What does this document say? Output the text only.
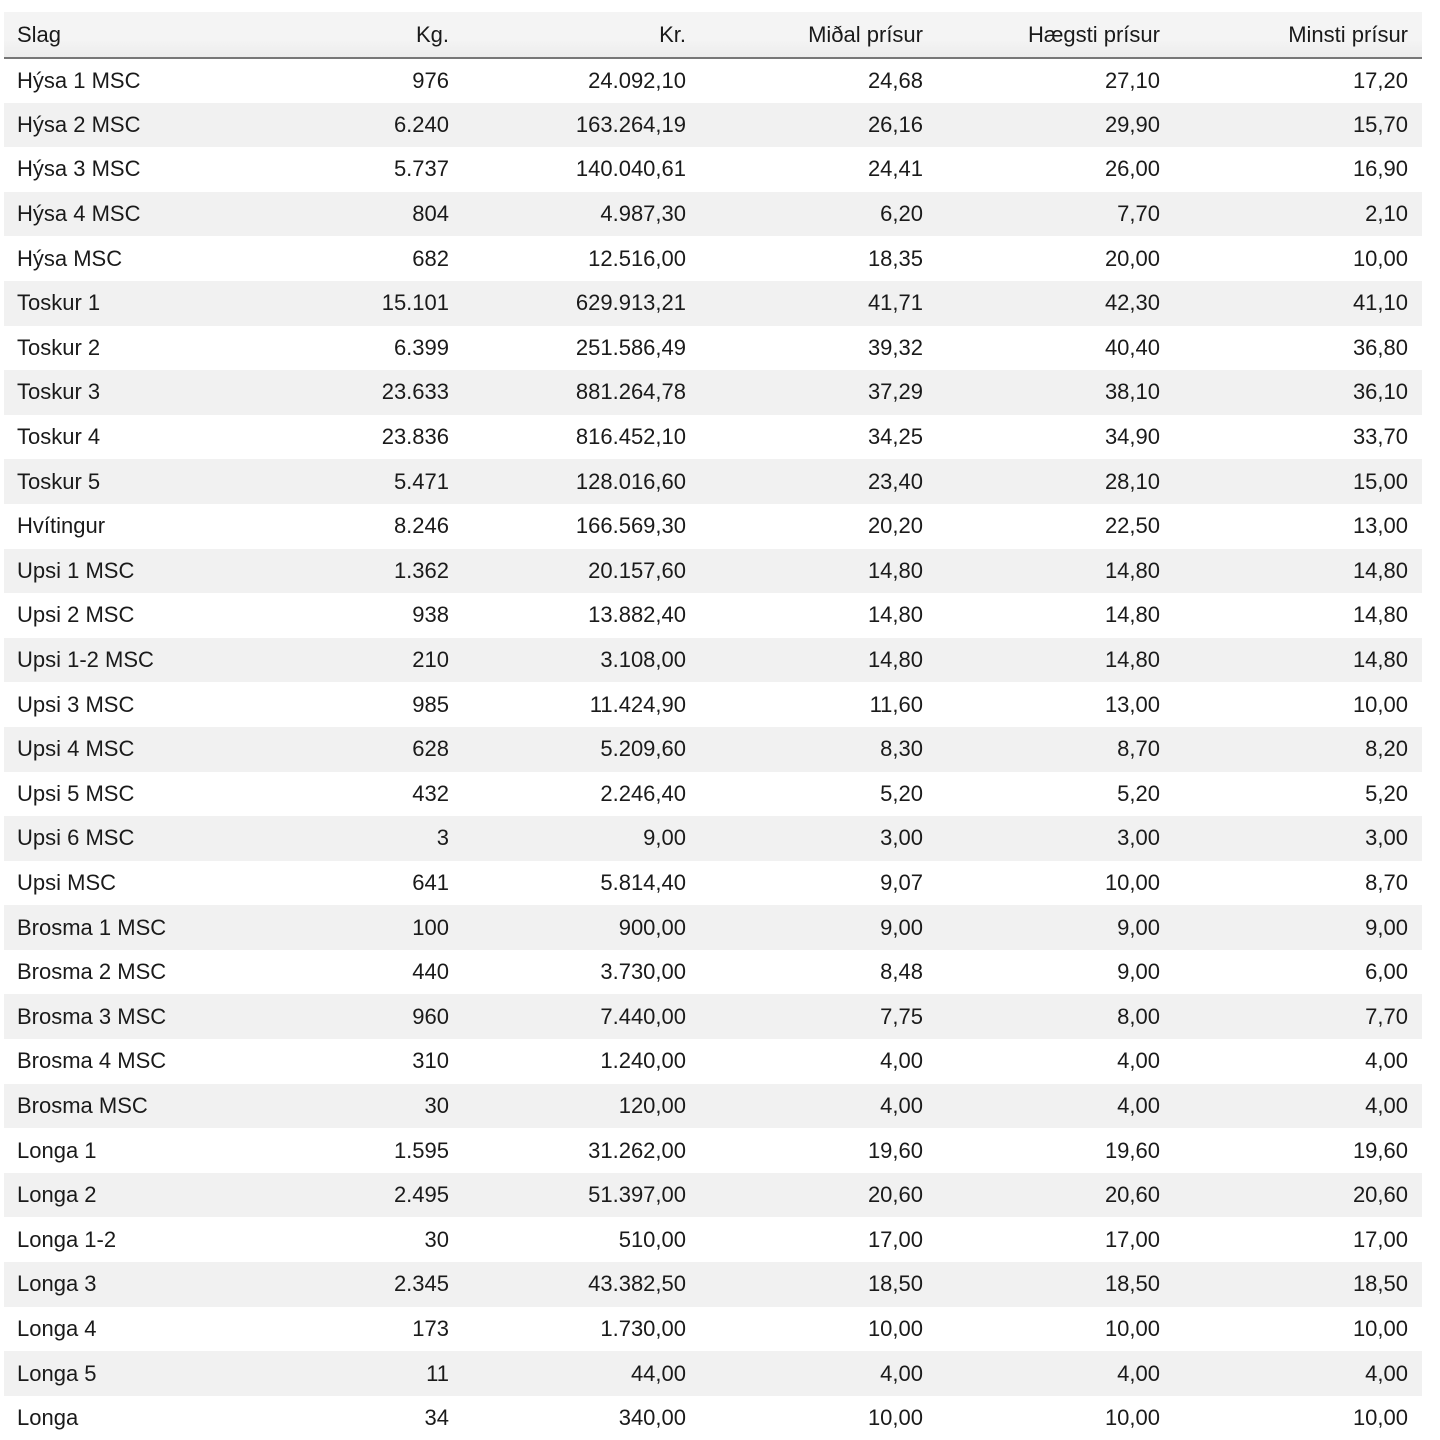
Slag	Kg.	Kr.	Miðal prísur	Hægsti prísur	Minsti prísur
Hýsa 1 MSC	976	24.092,10	24,68	27,10	17,20
Hýsa 2 MSC	6.240	163.264,19	26,16	29,90	15,70
Hýsa 3 MSC	5.737	140.040,61	24,41	26,00	16,90
Hýsa 4 MSC	804	4.987,30	6,20	7,70	2,10
Hýsa MSC	682	12.516,00	18,35	20,00	10,00
Toskur 1	15.101	629.913,21	41,71	42,30	41,10
Toskur 2	6.399	251.586,49	39,32	40,40	36,80
Toskur 3	23.633	881.264,78	37,29	38,10	36,10
Toskur 4	23.836	816.452,10	34,25	34,90	33,70
Toskur 5	5.471	128.016,60	23,40	28,10	15,00
Hvítingur	8.246	166.569,30	20,20	22,50	13,00
Upsi 1 MSC	1.362	20.157,60	14,80	14,80	14,80
Upsi 2 MSC	938	13.882,40	14,80	14,80	14,80
Upsi 1-2 MSC	210	3.108,00	14,80	14,80	14,80
Upsi 3 MSC	985	11.424,90	11,60	13,00	10,00
Upsi 4 MSC	628	5.209,60	8,30	8,70	8,20
Upsi 5 MSC	432	2.246,40	5,20	5,20	5,20
Upsi 6 MSC	3	9,00	3,00	3,00	3,00
Upsi MSC	641	5.814,40	9,07	10,00	8,70
Brosma 1 MSC	100	900,00	9,00	9,00	9,00
Brosma 2 MSC	440	3.730,00	8,48	9,00	6,00
Brosma 3 MSC	960	7.440,00	7,75	8,00	7,70
Brosma 4 MSC	310	1.240,00	4,00	4,00	4,00
Brosma MSC	30	120,00	4,00	4,00	4,00
Longa 1	1.595	31.262,00	19,60	19,60	19,60
Longa 2	2.495	51.397,00	20,60	20,60	20,60
Longa 1-2	30	510,00	17,00	17,00	17,00
Longa 3	2.345	43.382,50	18,50	18,50	18,50
Longa 4	173	1.730,00	10,00	10,00	10,00
Longa 5	11	44,00	4,00	4,00	4,00
Longa	34	340,00	10,00	10,00	10,00
